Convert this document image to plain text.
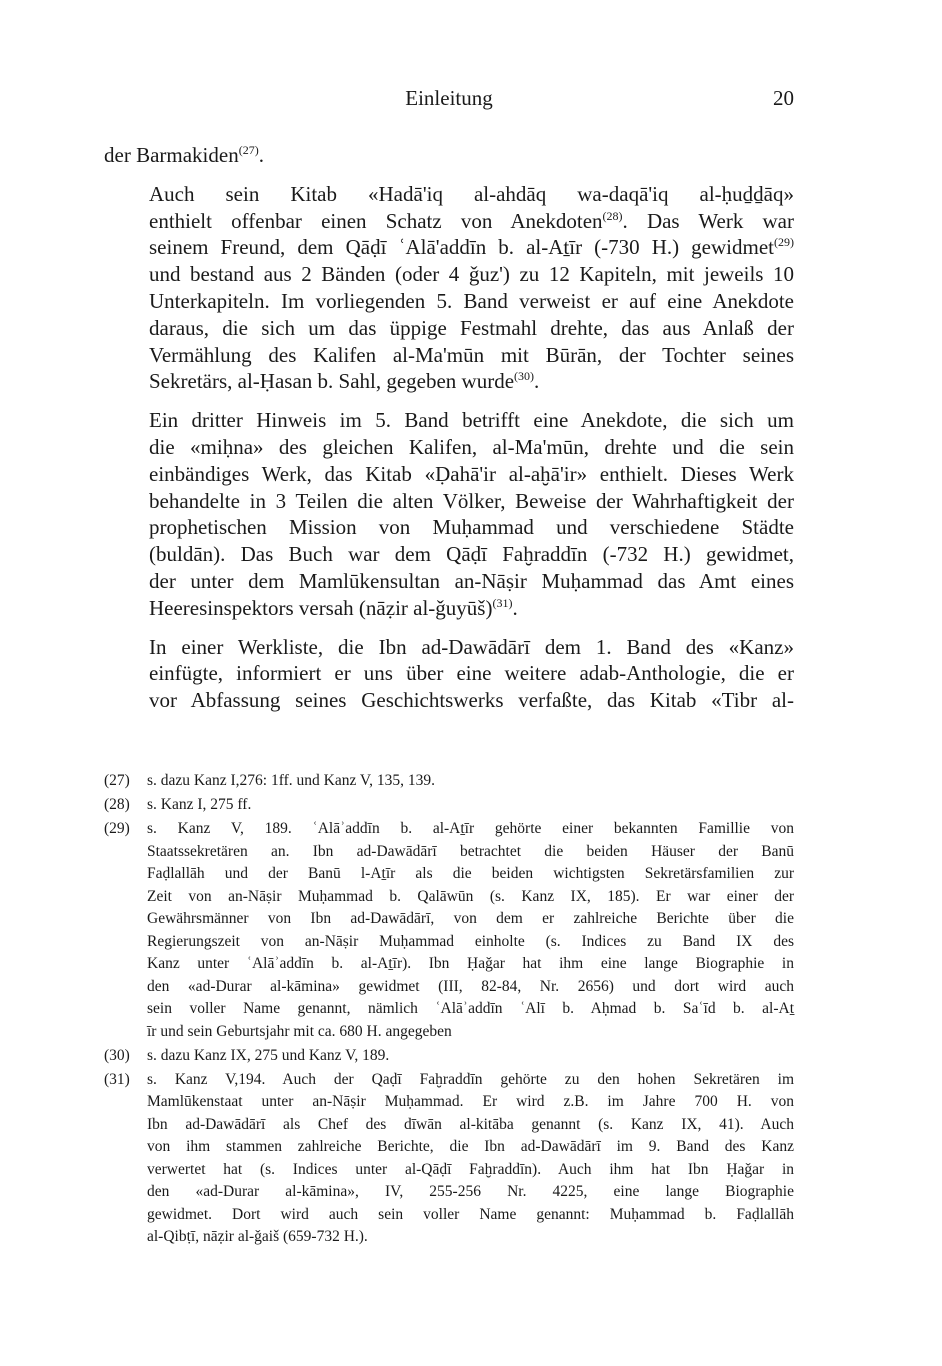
Einleitung	20

der Barmakiden$^{(27)}$.

Auch sein Kitab «Hadā'iq al-ahdāq wa-daqā'iq al-ḥuḏḏāq»
enthielt offenbar einen Schatz von Anekdoten$^{(28)}$. Das Werk war
seinem Freund, dem Qāḍī ʿAlā'addīn b. al-Aṯīr (-730 H.) gewidmet$^{(29)}$
und bestand aus 2 Bänden (oder 4 ǧuz') zu 12 Kapiteln, mit jeweils 10
Unterkapiteln. Im vorliegenden 5. Band verweist er auf eine Anekdote
daraus, die sich um das üppige Festmahl drehte, das aus Anlaß der
Vermählung des Kalifen al-Ma'mūn mit Būrān, der Tochter seines
Sekretärs, al-Ḥasan b. Sahl, gegeben wurde$^{(30)}$.

Ein dritter Hinweis im 5. Band betrifft eine Anekdote, die sich um
die «miḥna» des gleichen Kalifen, al-Ma'mūn, drehte und die sein
einbändiges Werk, das Kitab «Ḍahā'ir al-aḫā'ir» enthielt. Dieses Werk
behandelte in 3 Teilen die alten Völker, Beweise der Wahrhaftigkeit der
prophetischen Mission von Muḥammad und verschiedene Städte
(buldān). Das Buch war dem Qāḍī Faḫraddīn (-732 H.) gewidmet,
der unter dem Mamlūkensultan an-Nāṣir Muḥammad das Amt eines
Heeresinspektors versah (nāẓir al-ǧuyūš)$^{(31)}$.

In einer Werkliste, die Ibn ad-Dawādārī dem 1. Band des «Kanz»
einfügte, informiert er uns über eine weitere adab-Anthologie, die er
vor Abfassung seines Geschichtswerks verfaßte, das Kitab «Tibr al-

(27) s. dazu Kanz I,276: 1ff. und Kanz V, 135, 139.
(28) s. Kanz I, 275 ff.
(29) s. Kanz V, 189. ʿAlāʾaddīn b. al-Aṯīr gehörte einer bekannten Famillie von
Staatssekretären an. Ibn ad-Dawādārī betrachtet die beiden Häuser der Banū
Faḍlallāh und der Banū l-Aṯīr als die beiden wichtigsten Sekretärsfamilien zur
Zeit von an-Nāṣir Muḥammad b. Qalāwūn (s. Kanz IX, 185). Er war einer der
Gewährsmänner von Ibn ad-Dawādārī, von dem er zahlreiche Berichte über die
Regierungszeit von an-Nāṣir Muḥammad einholte (s. Indices zu Band IX des
Kanz unter ʿAlāʾaddīn b. al-Aṯīr). Ibn Ḥaǧar hat ihm eine lange Biographie in
den «ad-Durar al-kāmina» gewidmet (III, 82-84, Nr. 2656) und dort wird auch
sein voller Name genannt, nämlich ʿAlāʾaddīn ʿAlī b. Aḥmad b. Saʿīd b. al-Aṯ
īr und sein Geburtsjahr mit ca. 680 H. angegeben
(30) s. dazu Kanz IX, 275 und Kanz V, 189.
(31) s. Kanz V,194. Auch der Qaḍī Faḫraddīn gehörte zu den hohen Sekretären im
Mamlūkenstaat unter an-Nāṣir Muḥammad. Er wird z.B. im Jahre 700 H. von
Ibn ad-Dawādārī als Chef des dīwān al-kitāba genannt (s. Kanz IX, 41). Auch
von ihm stammen zahlreiche Berichte, die Ibn ad-Dawādārī im 9. Band des Kanz
verwertet hat (s. Indices unter al-Qāḍī Faḫraddīn). Auch ihm hat Ibn Ḥaǧar in
den «ad-Durar al-kāmina», IV, 255-256 Nr. 4225, eine lange Biographie
gewidmet. Dort wird auch sein voller Name genannt: Muḥammad b. Faḍlallāh
al-Qibṭī, nāẓir al-ǧaiš (659-732 H.).
